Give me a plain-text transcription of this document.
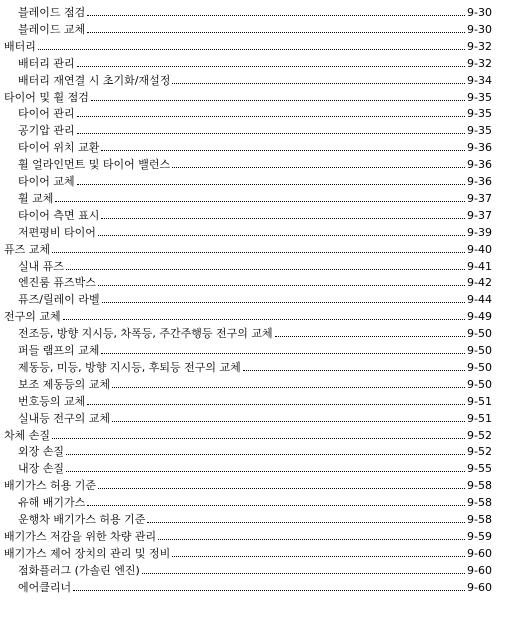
블레이드 점검	9-30
블레이드 교체	9-30
배터리	9-32
배터리 관리	9-32
배터리 재연결 시 초기화/재설정	9-34
타이어 및 휠 점검	9-35
타이어 관리	9-35
공기압 관리	9-35
타이어 위치 교환	9-36
휠 얼라인먼트 및 타이어 밸런스	9-36
타이어 교체	9-36
휠 교체	9-37
타이어 측면 표시	9-37
저편평비 타이어	9-39
퓨즈 교체	9-40
실내 퓨즈	9-41
엔진룸 퓨즈박스	9-42
퓨즈/릴레이 라벨	9-44
전구의 교체	9-49
전조등, 방향 지시등, 차폭등, 주간주행등 전구의 교체	9-50
퍼들 램프의 교체	9-50
제동등, 미등, 방향 지시등, 후퇴등 전구의 교체	9-50
보조 제동등의 교체	9-50
번호등의 교체	9-51
실내등 전구의 교체	9-51
차체 손질	9-52
외장 손질	9-52
내장 손질	9-55
배기가스 허용 기준	9-58
유해 배기가스	9-58
운행차 배기가스 허용 기준	9-58
배기가스 저감을 위한 차량 관리	9-59
배기가스 제어 장치의 관리 및 정비	9-60
점화플러그 (가솔린 엔진)	9-60
에어클리너	9-60
